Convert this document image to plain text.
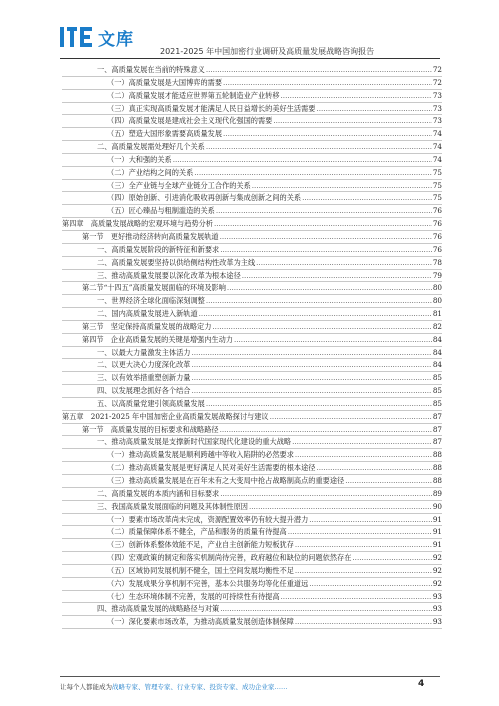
文库
2021-2025 年中国加密行业调研及高质量发展战略咨询报告
一、高质量发展在当前的特殊意义 .....	72
（一）高质量发展是大国博弈的需要 .....	72
（二）高质量发展才能适应世界第五轮制造业产业转移 .....	73
（三）真正实现高质量发展才能满足人民日益增长的美好生活需要 .....	73
（四）高质量发展是建成社会主义现代化强国的需要 .....	73
（五）塑造大国形象需要高质量发展 .....	74
二、高质量发展需处理好几个关系 .....	74
（一）大和强的关系 .....	74
（二）产业结构之间的关系 .....	75
（三）全产业链与全球产业链分工合作的关系 .....	75
（四）原始创新、引进消化吸收再创新与集成创新之间的关系 .....	75
（五）匠心臻品与粗制滥造的关系 .....	76
第四章　高质量发展战略的宏观环境与趋势分析 .....	76
第一节　更好推动经济转向高质量发展轨道 .....	76
一、高质量发展阶段的新特征和新要求 .....	76
二、高质量发展要坚持以供给侧结构性改革为主线 .....	78
三、推动高质量发展要以深化改革为根本途径 .....	79
第二节“十四五”高质量发展面临的环境及影响 .....	80
一、世界经济全球化面临深刻调整 .....	80
二、国内高质量发展进入新轨道 .....	81
第三节　坚定保持高质量发展的战略定力 .....	82
第四节　企业高质量发展的关键是增强内生动力 .....	84
一、以最大力量激发主体活力 .....	84
二、以更大决心力度深化改革 .....	84
三、以有效举措重塑创新力量 .....	85
四、以发展理念抓好各个结合 .....	85
五、以高质量党建引领高质量发展 .....	85
第五章　2021-2025 年中国加密企业高质量发展战略探讨与建议 .....	87
第一节　高质量发展的目标要求和战略路径 .....	87
一、推动高质量发展是支撑新时代国家现代化建设的重大战略 .....	87
（一）推动高质量发展是顺利跨越中等收入陷阱的必然要求 .....	88
（二）推动高质量发展是更好满足人民对美好生活需要的根本途径 .....	88
（三）推动高质量发展是在百年未有之大变局中抢占战略制高点的重要途径 .....	88
二、高质量发展的本质内涵和目标要求 .....	89
三、我国高质量发展面临的问题及其体制性原因 .....	90
（一）要素市场改革尚未完成，资源配置效率仍有较大提升潜力 .....	91
（二）质量保障体系不健全，产品和服务的质量有待提高 .....	91
（三）创新体系整体效能不足，产业自主创新能力短板犹存 .....	91
（四）宏观政策的制定和落实机制尚待完善，政府越位和缺位的问题依然存在 .....	92
（五）区域协同发展机制不健全，国土空间发展均衡性不足 .....	92
（六）发展成果分享机制不完善，基本公共服务均等化任重道远 .....	92
（七）生态环境体制不完善，发展的可持续性有待提高 .....	93
四、推动高质量发展的战略路径与对策 .....	93
（一）深化要素市场改革，为推动高质量发展创造体制保障 .....	93
让每个人都能成为战略专家、管理专家、行业专家、投资专家、成功企业家……	4
